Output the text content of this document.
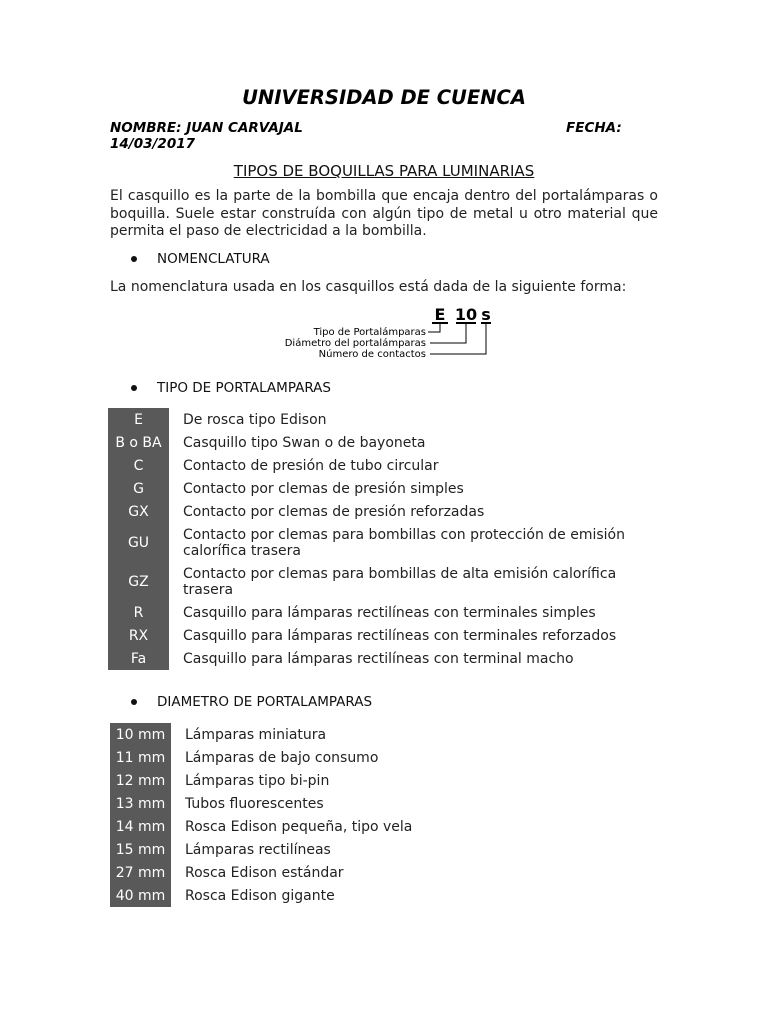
UNIVERSIDAD DE CUENCA
NOMBRE: JUAN CARVAJAL	FECHA:
14/03/2017
TIPOS DE BOQUILLAS PARA LUMINARIAS
El casquillo es la parte de la bombilla que encaja dentro del portalámparas o boquilla. Suele estar construída con algún tipo de metal u otro material que permita el paso de electricidad a la bombilla.
NOMENCLATURA
La nomenclatura usada en los casquillos está dada de la siguiente forma:
E 10 s
Tipo de Portalámparas
Diámetro del portalámparas
Número de contactos
TIPO DE PORTALAMPARAS
E	De rosca tipo Edison
B o BA	Casquillo tipo Swan o de bayoneta
C	Contacto de presión de tubo circular
G	Contacto por clemas de presión simples
GX	Contacto por clemas de presión reforzadas
GU	Contacto por clemas para bombillas con protección de emisión calorífica trasera
GZ	Contacto por clemas para bombillas de alta emisión calorífica trasera
R	Casquillo para lámparas rectilíneas con terminales simples
RX	Casquillo para lámparas rectilíneas con terminales reforzados
Fa	Casquillo para lámparas rectilíneas con terminal macho
DIAMETRO DE PORTALAMPARAS
10 mm	Lámparas miniatura
11 mm	Lámparas de bajo consumo
12 mm	Lámparas tipo bi-pin
13 mm	Tubos fluorescentes
14 mm	Rosca Edison pequeña, tipo vela
15 mm	Lámparas rectilíneas
27 mm	Rosca Edison estándar
40 mm	Rosca Edison gigante
